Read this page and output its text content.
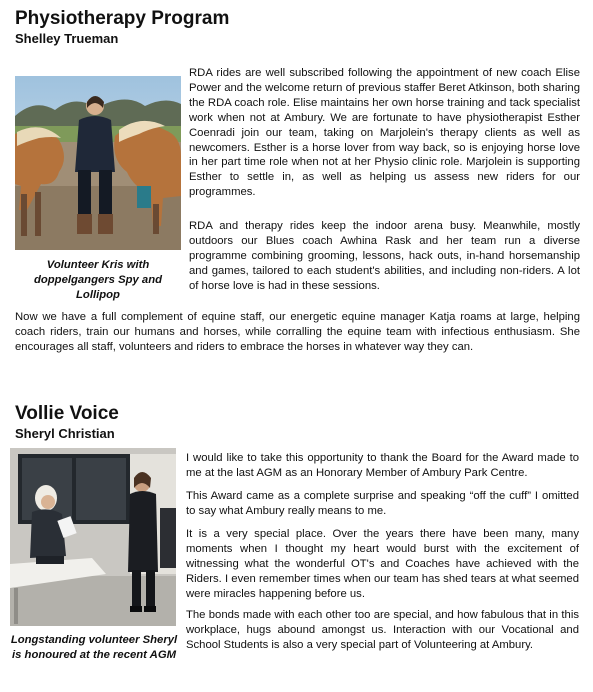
Physiotherapy Program
Shelley Trueman
Volunteer Kris with doppelgangers Spy and Lollipop

RDA rides are well subscribed following the appointment of new coach Elise Power and the welcome return of previous staffer Beret Atkinson, both sharing the RDA coach role. Elise maintains her own horse training and tack specialist work when not at Ambury. We are fortunate to have physiotherapist Esther Coenradi join our team, taking on Marjolein's therapy clients as well as newcomers. Esther is a horse lover from way back, so is enjoying horse love in her part time role when not at her Physio clinic role. Marjolein is supporting Esther to settle in, as well as helping us assess new riders for our programmes.

RDA and therapy rides keep the indoor arena busy. Meanwhile, mostly outdoors our Blues coach Awhina Rask and her team run a diverse programme combining grooming, lessons, hack outs, in-hand horsemanship and games, tailored to each student's abilities, and including non-riders. A lot of horse love is had in these sessions.

Now we have a full complement of equine staff, our energetic equine manager Katja roams at large, helping coach riders, train our humans and horses, while corralling the equine team with infectious enthusiasm. She encourages all staff, volunteers and riders to embrace the horses in whatever way they can.

Vollie Voice
Sheryl Christian
Longstanding volunteer Sheryl is honoured at the recent AGM

I would like to take this opportunity to thank the Board for the Award made to me at the last AGM as an Honorary Member of Ambury Park Centre.

This Award came as a complete surprise and speaking “off the cuff” I omitted to say what Ambury really means to me.

It is a very special place. Over the years there have been many, many moments when I thought my heart would burst with the excitement of witnessing what the wonderful OT's and Coaches have achieved with the Riders. I even remember times when our team has shed tears at what seemed were miracles happening before us.

The bonds made with each other too are special, and how fabulous that in this workplace, hugs abound amongst us. Interaction with our Vocational and School Students is also a very special part of Volunteering at Ambury.
